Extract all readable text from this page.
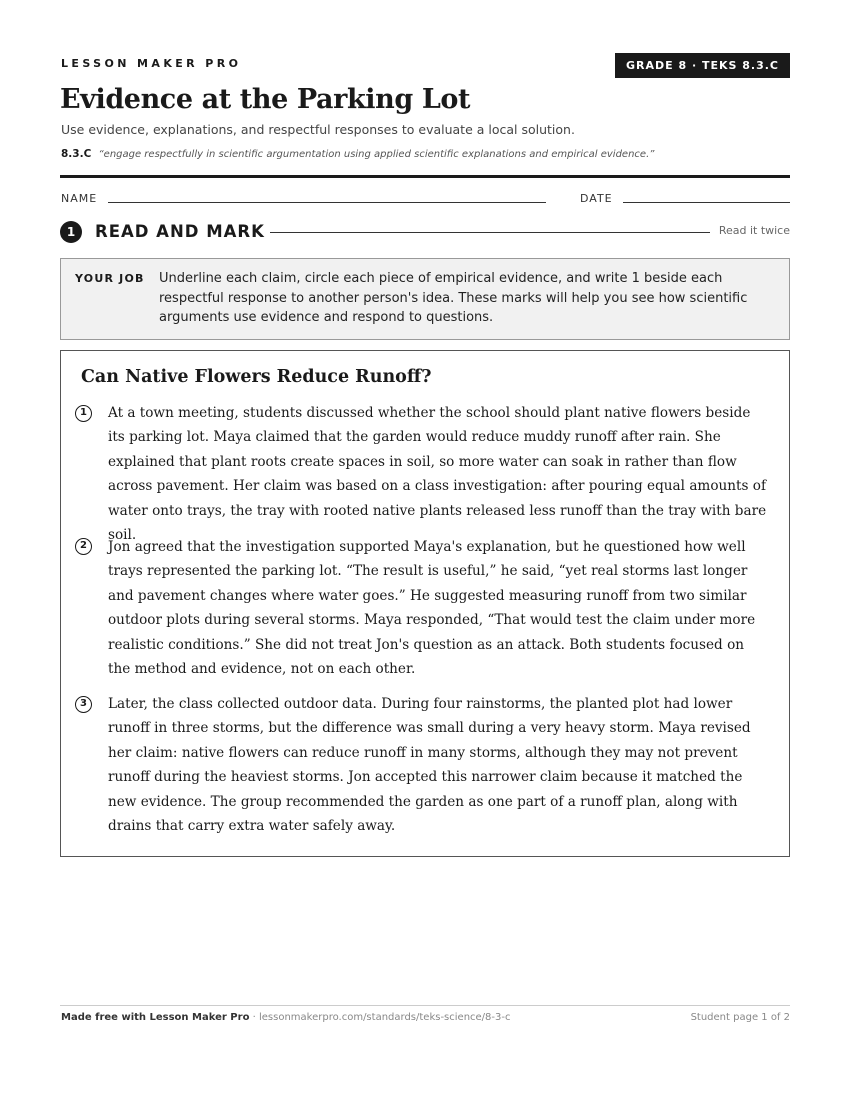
LESSON MAKER PRO	GRADE 8 · TEKS 8.3.C
Evidence at the Parking Lot
Use evidence, explanations, and respectful responses to evaluate a local solution.
8.3.C “engage respectfully in scientific argumentation using applied scientific explanations and empirical evidence.”
NAME	DATE
1	READ AND MARK	Read it twice
YOUR JOB Underline each claim, circle each piece of empirical evidence, and write 1 beside each respectful response to another person's idea. These marks will help you see how scientific arguments use evidence and respond to questions.
Can Native Flowers Reduce Runoff?
1	At a town meeting, students discussed whether the school should plant native flowers beside its parking lot. Maya claimed that the garden would reduce muddy runoff after rain. She explained that plant roots create spaces in soil, so more water can soak in rather than flow across pavement. Her claim was based on a class investigation: after pouring equal amounts of water onto trays, the tray with rooted native plants released less runoff than the tray with bare soil.
2	Jon agreed that the investigation supported Maya's explanation, but he questioned how well trays represented the parking lot. “The result is useful,” he said, “yet real storms last longer and pavement changes where water goes.” He suggested measuring runoff from two similar outdoor plots during several storms. Maya responded, “That would test the claim under more realistic conditions.” She did not treat Jon's question as an attack. Both students focused on the method and evidence, not on each other.
3	Later, the class collected outdoor data. During four rainstorms, the planted plot had lower runoff in three storms, but the difference was small during a very heavy storm. Maya revised her claim: native flowers can reduce runoff in many storms, although they may not prevent runoff during the heaviest storms. Jon accepted this narrower claim because it matched the new evidence. The group recommended the garden as one part of a runoff plan, along with drains that carry extra water safely away.
Made free with Lesson Maker Pro · lessonmakerpro.com/standards/teks-science/8-3-c	Student page 1 of 2
